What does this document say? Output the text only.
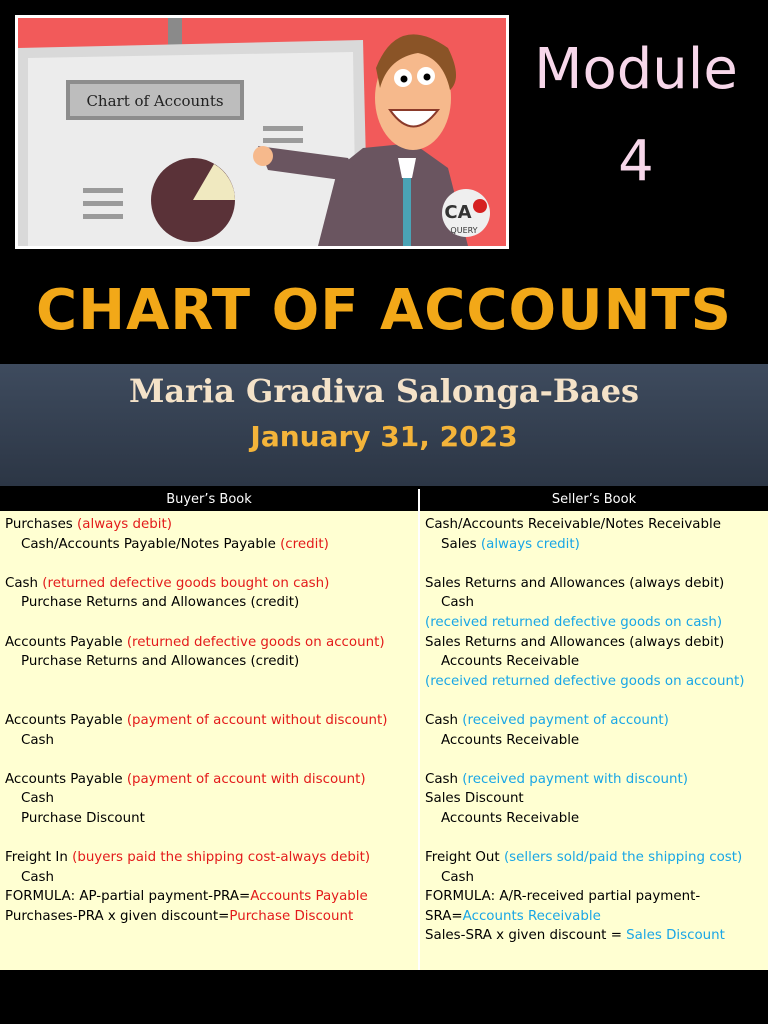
Chart of Accounts
CA
QUERY
Module
4
CHART OF ACCOUNTS
Maria Gradiva Salonga-Baes
January 31, 2023
Buyer’s Book	Seller’s Book
Purchases (always debit)
Cash/Accounts Payable/Notes Payable (credit)
Cash (returned defective goods bought on cash)
Purchase Returns and Allowances (credit)
Accounts Payable (returned defective goods on account)
Purchase Returns and Allowances (credit)
Accounts Payable (payment of account without discount)
Cash
Accounts Payable (payment of account with discount)
Cash
Purchase Discount
Freight In (buyers paid the shipping cost-always debit)
Cash
FORMULA: AP-partial payment-PRA=Accounts Payable
Purchases-PRA x given discount=Purchase Discount
Cash/Accounts Receivable/Notes Receivable
Sales (always credit)
Sales Returns and Allowances (always debit)
Cash
(received returned defective goods on cash)
Sales Returns and Allowances (always debit)
Accounts Receivable
(received returned defective goods on account)
Cash (received payment of account)
Accounts Receivable
Cash (received payment with discount)
Sales Discount
Accounts Receivable
Freight Out (sellers sold/paid the shipping cost)
Cash
FORMULA: A/R-received partial payment-
SRA=Accounts Receivable
Sales-SRA x given discount = Sales Discount
